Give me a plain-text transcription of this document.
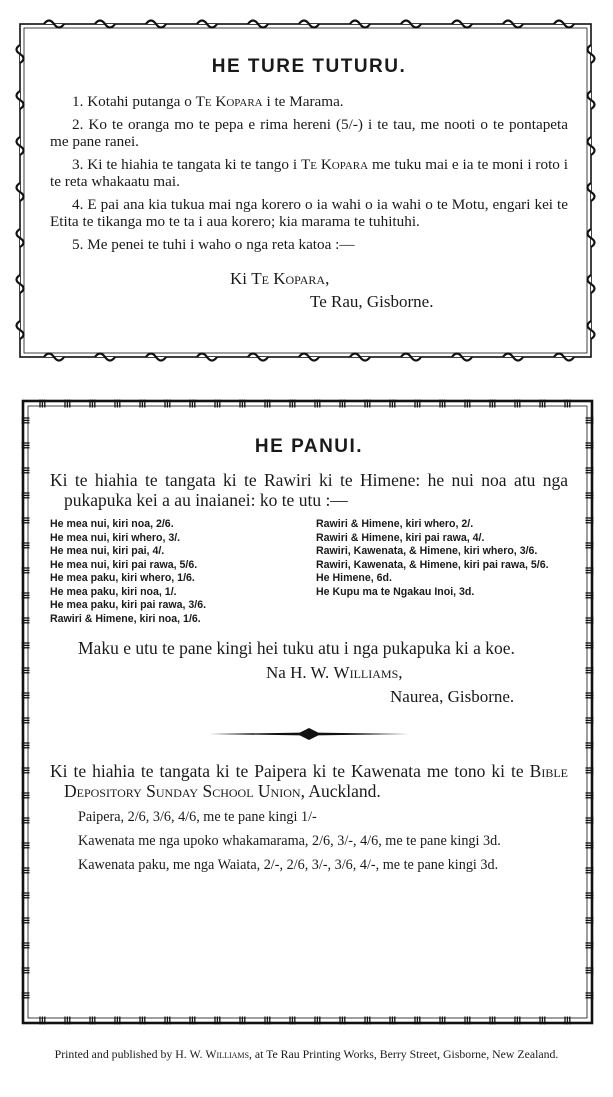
HE TURE TUTURU.

1. Kotahi putanga o Te Kopara i te Marama.

2. Ko te oranga mo te pepa e rima hereni (5/-) i te tau, me nooti o te pontapeta me pane ranei.

3. Ki te hiahia te tangata ki te tango i Te Kopara me tuku mai e ia te moni i roto i te reta whakaatu mai.

4. E pai ana kia tukua mai nga korero o ia wahi o ia wahi o te Motu, engari kei te Etita te tikanga mo te ta i aua korero; kia marama te tuhituhi.

5. Me penei te tuhi i waho o nga reta katoa :—

Ki Te Kopara,
Te Rau, Gisborne.
HE PANUI.

Ki te hiahia te tangata ki te Rawiri ki te Himene: he nui noa atu nga pukapuka kei a au inaianei: ko te utu :—

He mea nui, kiri noa, 2/6.
He mea nui, kiri whero, 3/.
He mea nui, kiri pai, 4/.
He mea nui, kiri pai rawa, 5/6.
He mea paku, kiri whero, 1/6.
He mea paku, kiri noa, 1/.
He mea paku, kiri pai rawa, 3/6.
Rawiri & Himene, kiri noa, 1/6.
Rawiri & Himene, kiri whero, 2/.
Rawiri & Himene, kiri pai rawa, 4/.
Rawiri, Kawenata, & Himene, kiri whero, 3/6.
Rawiri, Kawenata, & Himene, kiri pai rawa, 5/6.
He Himene, 6d.
He Kupu ma te Ngakau Inoi, 3d.

Maku e utu te pane kingi hei tuku atu i nga pukapuka ki a koe.

Na H. W. Williams,
Naurea, Gisborne.

Ki te hiahia te tangata ki te Paipera ki te Kawenata me tono ki te Bible Depository Sunday School Union, Auckland.

Paipera, 2/6, 3/6, 4/6, me te pane kingi 1/-

Kawenata me nga upoko whakamarama, 2/6, 3/-, 4/6, me te pane kingi 3d.

Kawenata paku, me nga Waiata, 2/-, 2/6, 3/-, 3/6, 4/-, me te pane kingi 3d.

Printed and published by H. W. Williams, at Te Rau Printing Works, Berry Street, Gisborne, New Zealand.
